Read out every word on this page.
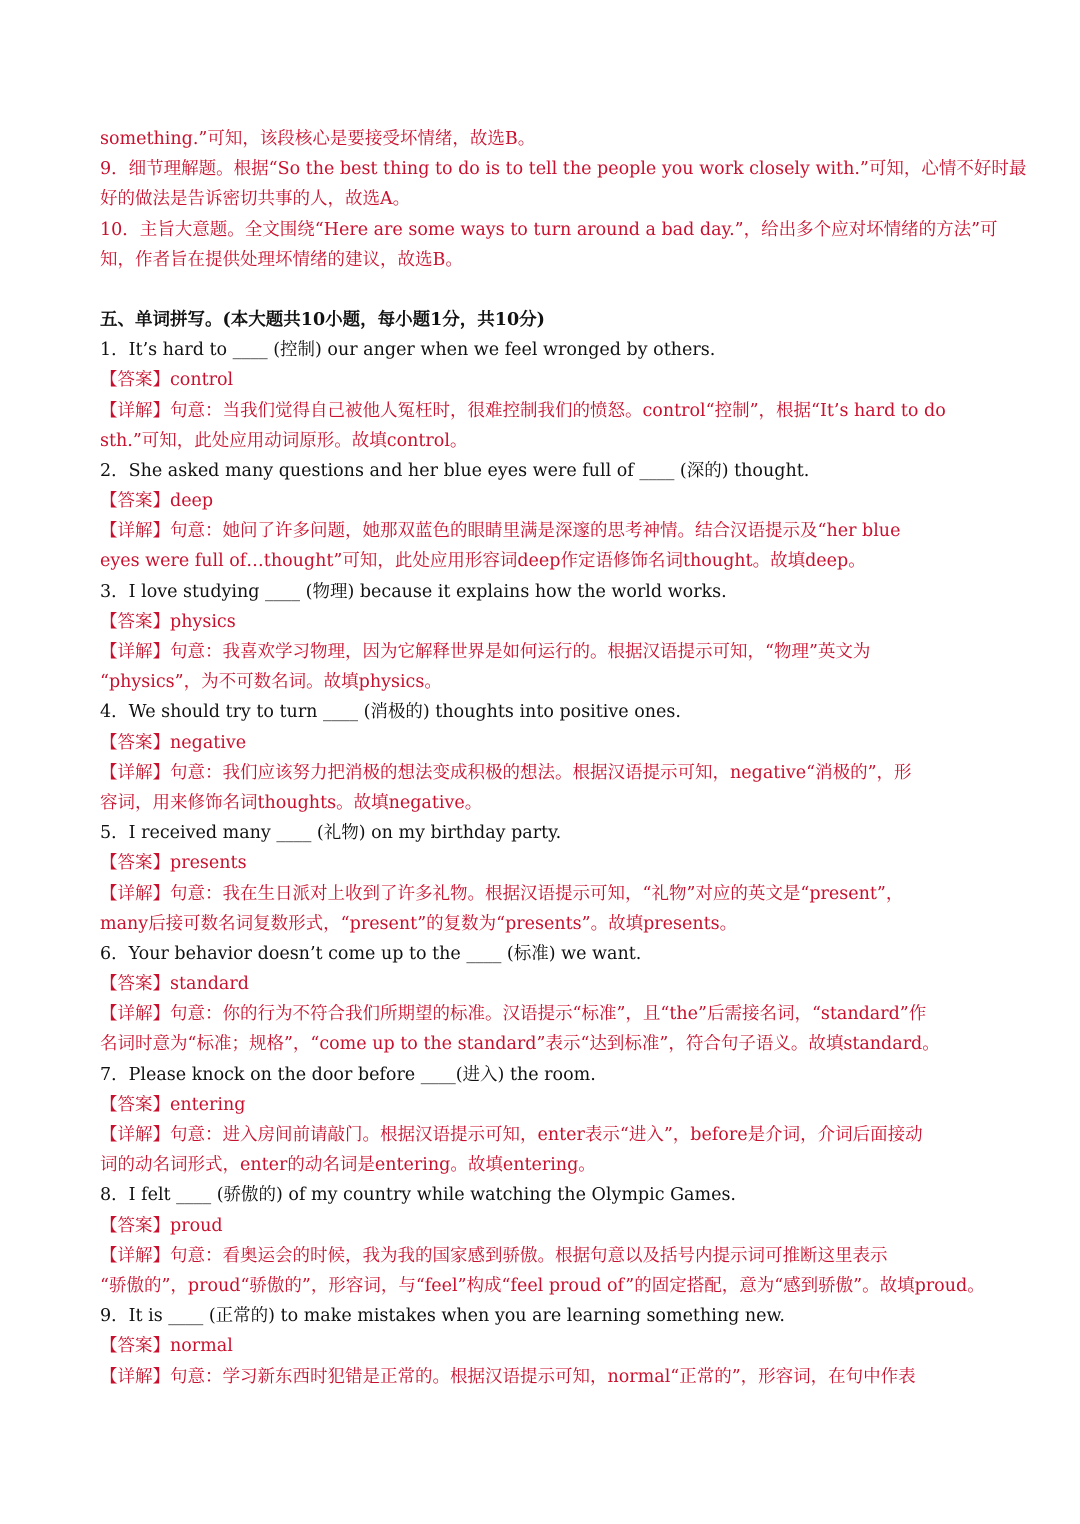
something.”可知，该段核心是要接受坏情绪，故选B。
9．细节理解题。根据“So the best thing to do is to tell the people you work closely with.”可知，心情不好时最
好的做法是告诉密切共事的人，故选A。
10．主旨大意题。全文围绕“Here are some ways to turn around a bad day.”，给出多个应对坏情绪的方法”可
知，作者旨在提供处理坏情绪的建议，故选B。
五、单词拼写。(本大题共10小题，每小题1分，共10分)
1．It’s hard to ____ (控制) our anger when we feel wronged by others.
【答案】control
【详解】句意：当我们觉得自己被他人冤枉时，很难控制我们的愤怒。control“控制”，根据“It’s hard to do
sth.”可知，此处应用动词原形。故填control。
2．She asked many questions and her blue eyes were full of ____ (深的) thought.
【答案】deep
【详解】句意：她问了许多问题，她那双蓝色的眼睛里满是深邃的思考神情。结合汉语提示及“her blue
eyes were full of…thought”可知，此处应用形容词deep作定语修饰名词thought。故填deep。
3．I love studying ____ (物理) because it explains how the world works.
【答案】physics
【详解】句意：我喜欢学习物理，因为它解释世界是如何运行的。根据汉语提示可知，“物理”英文为
“physics”，为不可数名词。故填physics。
4．We should try to turn ____ (消极的) thoughts into positive ones.
【答案】negative
【详解】句意：我们应该努力把消极的想法变成积极的想法。根据汉语提示可知，negative“消极的”，形
容词，用来修饰名词thoughts。故填negative。
5．I received many ____ (礼物) on my birthday party.
【答案】presents
【详解】句意：我在生日派对上收到了许多礼物。根据汉语提示可知，“礼物”对应的英文是“present”，
many后接可数名词复数形式，“present”的复数为“presents”。故填presents。
6．Your behavior doesn’t come up to the ____ (标准) we want.
【答案】standard
【详解】句意：你的行为不符合我们所期望的标准。汉语提示“标准”，且“the”后需接名词，“standard”作
名词时意为“标准；规格”，“come up to the standard”表示“达到标准”，符合句子语义。故填standard。
7．Please knock on the door before ____(进入) the room.
【答案】entering
【详解】句意：进入房间前请敲门。根据汉语提示可知，enter表示“进入”，before是介词，介词后面接动
词的动名词形式，enter的动名词是entering。故填entering。
8．I felt ____ (骄傲的) of my country while watching the Olympic Games.
【答案】proud
【详解】句意：看奥运会的时候，我为我的国家感到骄傲。根据句意以及括号内提示词可推断这里表示
“骄傲的”，proud“骄傲的”，形容词，与“feel”构成“feel proud of”的固定搭配，意为“感到骄傲”。故填proud。
9．It is ____ (正常的) to make mistakes when you are learning something new.
【答案】normal
【详解】句意：学习新东西时犯错是正常的。根据汉语提示可知，normal“正常的”，形容词，在句中作表
